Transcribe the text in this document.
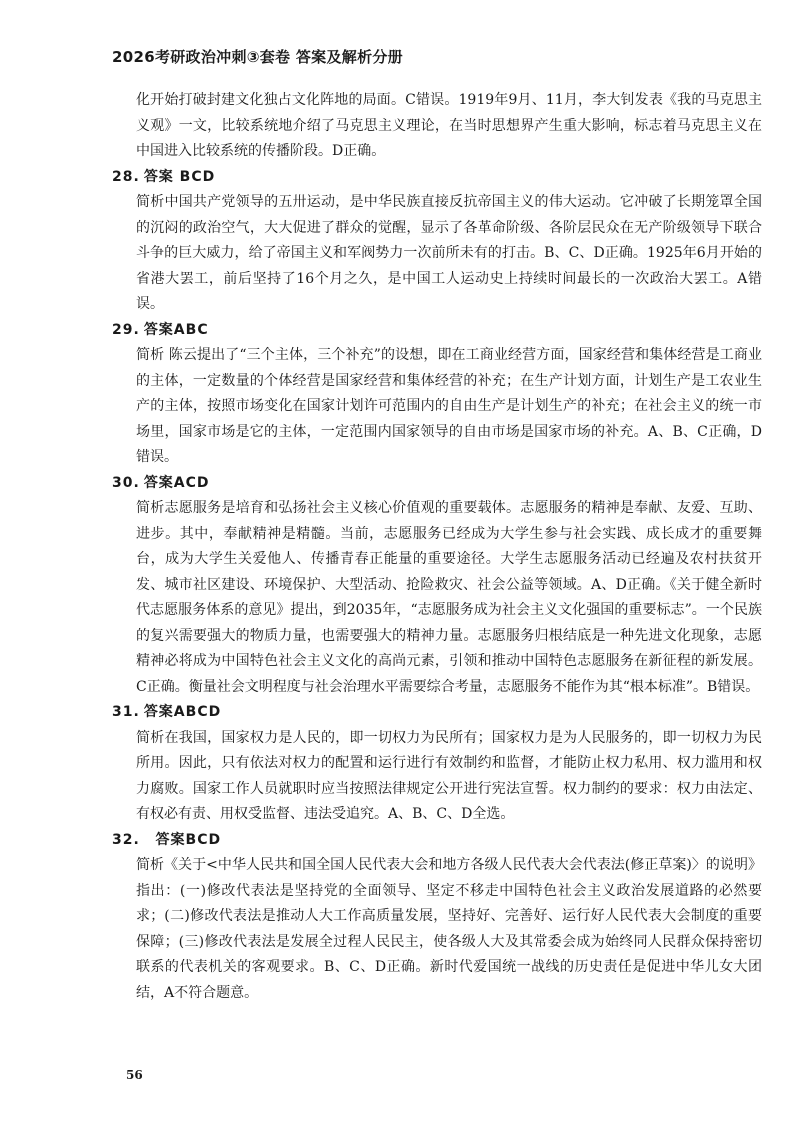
2026考研政治冲刺③套卷 答案及解析分册

化开始打破封建文化独占文化阵地的局面。C错误。1919年9月、11月，李大钊发表《我的马克思主义观》一文，比较系统地介绍了马克思主义理论，在当时思想界产生重大影响，标志着马克思主义在中国进入比较系统的传播阶段。D正确。

28. 答案 BCD

简析中国共产党领导的五卅运动，是中华民族直接反抗帝国主义的伟大运动。它冲破了长期笼罩全国的沉闷的政治空气，大大促进了群众的觉醒，显示了各革命阶级、各阶层民众在无产阶级领导下联合斗争的巨大威力，给了帝国主义和军阀势力一次前所未有的打击。B、C、D正确。1925年6月开始的省港大罢工，前后坚持了16个月之久，是中国工人运动史上持续时间最长的一次政治大罢工。A错误。

29. 答案ABC

简析 陈云提出了“三个主体，三个补充”的设想，即在工商业经营方面，国家经营和集体经营是工商业的主体，一定数量的个体经营是国家经营和集体经营的补充；在生产计划方面，计划生产是工农业生产的主体，按照市场变化在国家计划许可范围内的自由生产是计划生产的补充；在社会主义的统一市场里，国家市场是它的主体，一定范围内国家领导的自由市场是国家市场的补充。A、B、C正确，D错误。

30. 答案ACD

简析志愿服务是培育和弘扬社会主义核心价值观的重要载体。志愿服务的精神是奉献、友爱、互助、进步。其中，奉献精神是精髓。当前，志愿服务已经成为大学生参与社会实践、成长成才的重要舞台，成为大学生关爱他人、传播青春正能量的重要途径。大学生志愿服务活动已经遍及农村扶贫开发、城市社区建设、环境保护、大型活动、抢险救灾、社会公益等领域。A、D正确。《关于健全新时代志愿服务体系的意见》提出，到2035年，“志愿服务成为社会主义文化强国的重要标志”。一个民族的复兴需要强大的物质力量，也需要强大的精神力量。志愿服务归根结底是一种先进文化现象，志愿精神必将成为中国特色社会主义文化的高尚元素，引领和推动中国特色志愿服务在新征程的新发展。C正确。衡量社会文明程度与社会治理水平需要综合考量，志愿服务不能作为其“根本标准”。B错误。

31. 答案ABCD

简析在我国，国家权力是人民的，即一切权力为民所有；国家权力是为人民服务的，即一切权力为民所用。因此，只有依法对权力的配置和运行进行有效制约和监督，才能防止权力私用、权力滥用和权力腐败。国家工作人员就职时应当按照法律规定公开进行宪法宣誓。权力制约的要求：权力由法定、有权必有责、用权受监督、违法受追究。A、B、C、D全选。

32.  答案BCD

简析《关于<中华人民共和国全国人民代表大会和地方各级人民代表大会代表法(修正草案)〉的说明》指出：(一)修改代表法是坚持党的全面领导、坚定不移走中国特色社会主义政治发展道路的必然要求；(二)修改代表法是推动人大工作高质量发展，坚持好、完善好、运行好人民代表大会制度的重要保障；(三)修改代表法是发展全过程人民民主，使各级人大及其常委会成为始终同人民群众保持密切联系的代表机关的客观要求。B、C、D正确。新时代爱国统一战线的历史责任是促进中华儿女大团结，A不符合题意。

56
